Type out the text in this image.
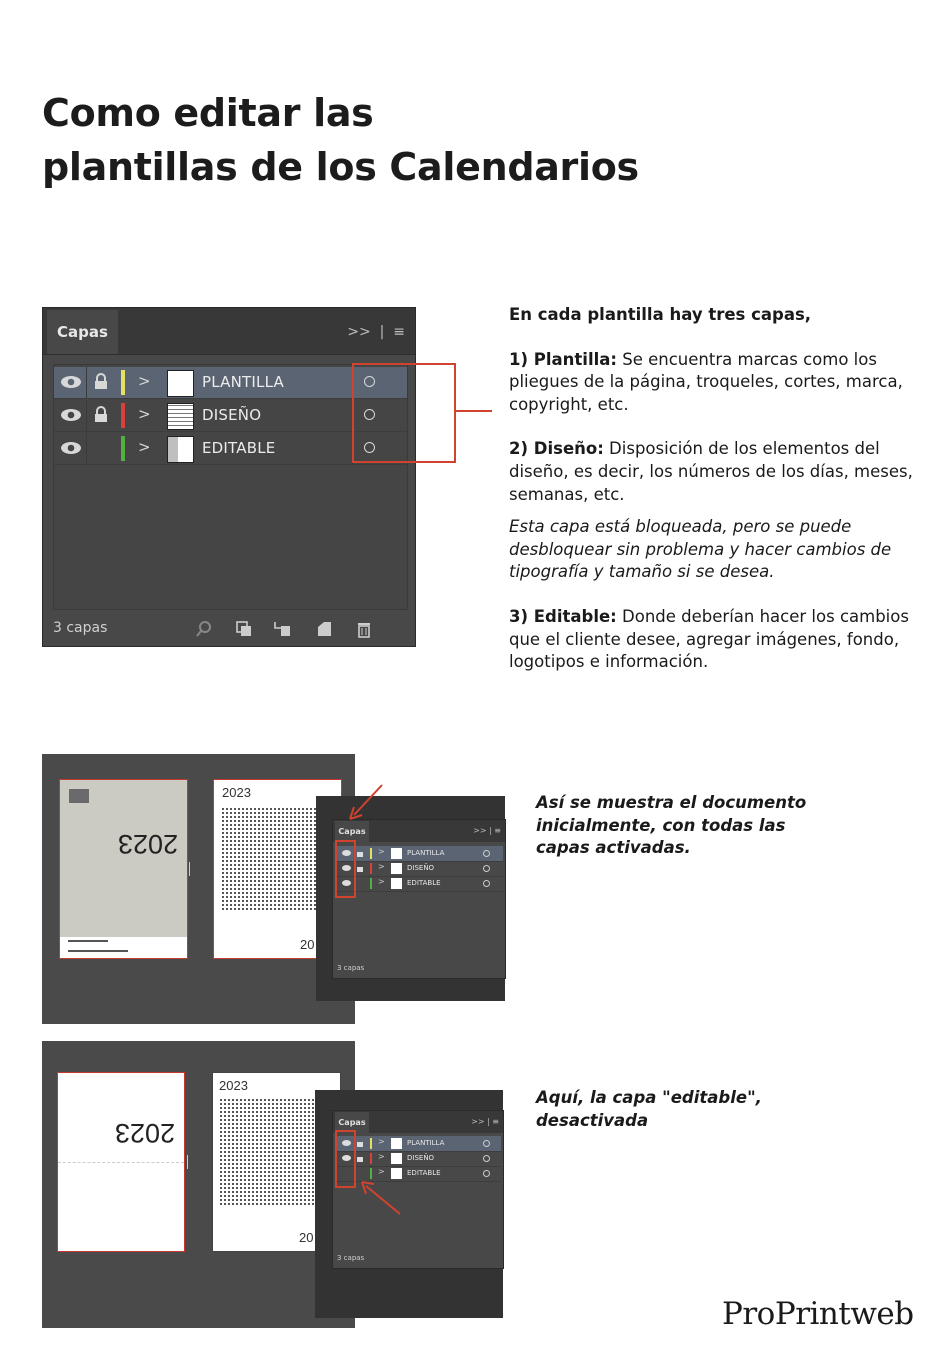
Como editar las
plantillas de los Calendarios
Capas	>>  |  ≡
>	PLANTILLA
>	DISEÑO
>	EDITABLE
3 capas

En cada plantilla hay tres capas,

1) Plantilla: Se encuentra marcas como los pliegues de la página, troqueles, cortes, marca, copyright, etc.

2) Diseño: Disposición de los elementos del diseño, es decir, los números de los días, meses, semanas, etc.

Esta capa está bloqueada, pero se puede desbloquear sin problema y hacer cambios de tipografía y tamaño si se desea.

3) Editable: Donde deberían hacer los cambios que el cliente desee, agregar imágenes, fondo, logotipos e información.

2023
2023
20
Capas	>> | ≡
>	PLANTILLA
>	DISEÑO
>	EDITABLE
3 capas
Así se muestra el documento inicialmente, con todas las capas activadas.
2023
2023
20
Capas	>> | ≡
>	PLANTILLA
>	DISEÑO
>	EDITABLE
3 capas
Aquí, la capa "editable", desactivada
ProPrintweb
